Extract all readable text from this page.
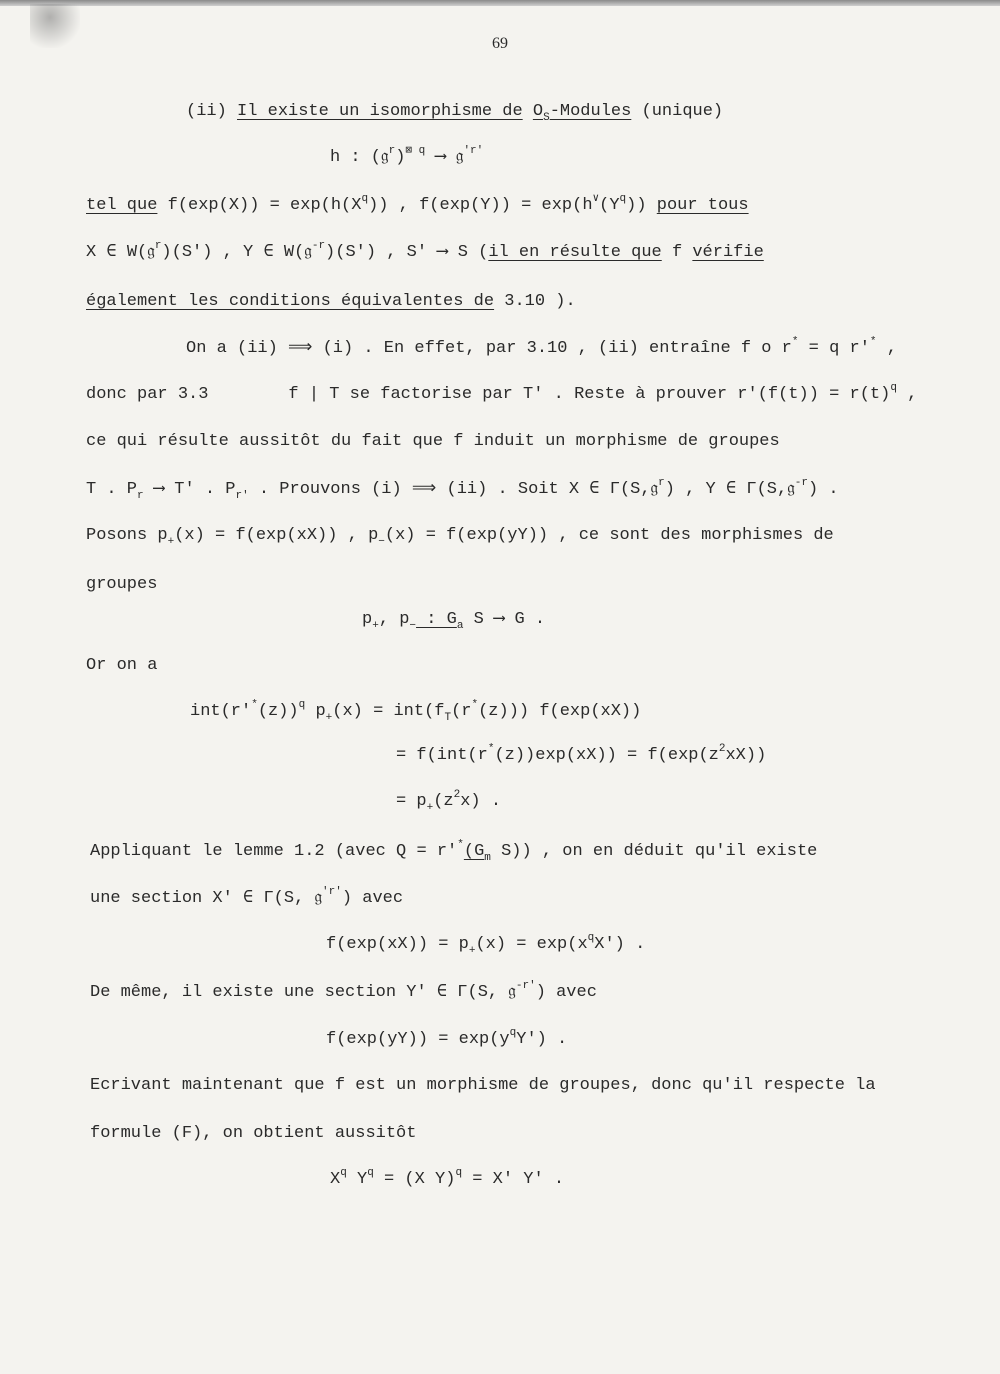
69
(ii) Il existe un isomorphisme de $O_S$-Modules (unique)
h : (𝔤$^r$)$^{⊠ q}$ ⟶ 𝔤$^{'r'}$
tel que $f(\exp(X)) = \exp(h(X^q))$ , $f(\exp(Y)) = \exp(h^\vee(Y^q))$ pour tous
X ∈ W(𝔤$^r$)(S') , Y ∈ W(𝔤$^{-r}$)(S') , S' ⟶ S (il en résulte que f vérifie
également les conditions équivalentes de 3.10 ).
On a (ii) ⟹ (i) . En effet, par 3.10 , (ii) entraîne f o r* = q r'* ,
donc par 3.3	f | T se factorise par T' . Reste à prouver $r'(f(t)) = r(t)^q$ ,
ce qui résulte aussitôt du fait que f induit un morphisme de groupes
T . $P_r$ ⟶ T' . $P_{r'}$ . Prouvons (i) ⟹ (ii) . Soit X ∈ Γ(S,𝔤$^r$) , Y ∈ Γ(S,𝔤$^{-r}$) .
Posons $p_+(x) = f(\exp(xX))$ , $p_-(x) = f(\exp(yY))$ , ce sont des morphismes de
groupes
$p_+$, $p_-$ : $G_a$ S ⟶ G .
Or on a
$int(r'^*(z))^q$ $p_+(x) = int(f_T(r^*(z)))$ f(exp(xX))
= $f(int(r^*(z))\exp(xX)) = f(\exp(z^2xX))$
= $p_+(z^2x)$ .
Appliquant le lemme 1.2 (avec $Q = r'^*(G_m$ S)) , on en déduit qu'il existe
une section X' ∈ Γ(S, 𝔤$^{'r'}$) avec
$f(\exp(xX)) = p_+(x) = \exp(x^qX')$ .
De même, il existe une section Y' ∈ Γ(S, 𝔤$^{-r'}$) avec
$f(\exp(yY)) = \exp(y^qY')$ .
Ecrivant maintenant que f est un morphisme de groupes, donc qu'il respecte la
formule (F), on obtient aussitôt
$X^q$ $Y^q = (X$ Y)$^q$ = X' Y' .
